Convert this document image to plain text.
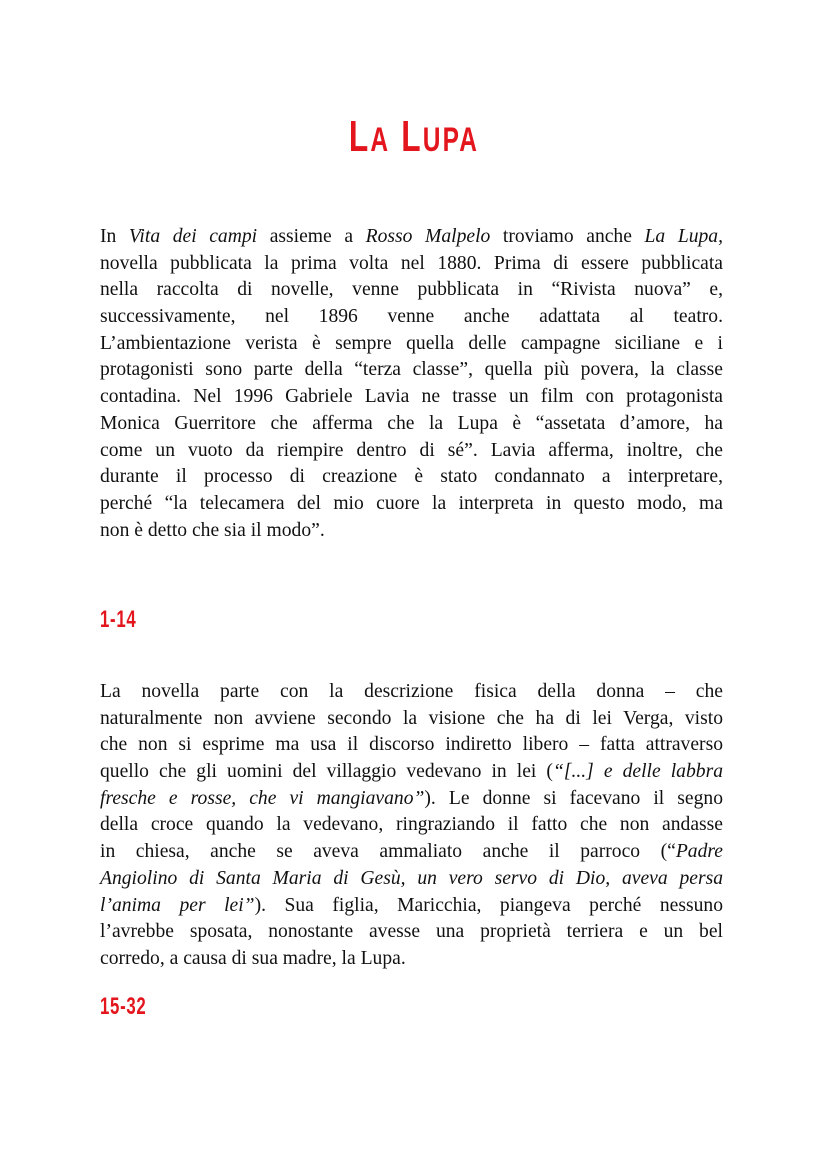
LA LUPA
In Vita dei campi assieme a Rosso Malpelo troviamo anche La Lupa,
novella pubblicata la prima volta nel 1880. Prima di essere pubblicata
nella raccolta di novelle, venne pubblicata in “Rivista nuova” e,
successivamente, nel 1896 venne anche adattata al teatro.
L’ambientazione verista è sempre quella delle campagne siciliane e i
protagonisti sono parte della “terza classe”, quella più povera, la classe
contadina. Nel 1996 Gabriele Lavia ne trasse un film con protagonista
Monica Guerritore che afferma che la Lupa è “assetata d’amore, ha
come un vuoto da riempire dentro di sé”. Lavia afferma, inoltre, che
durante il processo di creazione è stato condannato a interpretare,
perché “la telecamera del mio cuore la interpreta in questo modo, ma
non è detto che sia il modo”.
1-14
La novella parte con la descrizione fisica della donna – che
naturalmente non avviene secondo la visione che ha di lei Verga, visto
che non si esprime ma usa il discorso indiretto libero – fatta attraverso
quello che gli uomini del villaggio vedevano in lei (“[...] e delle labbra
fresche e rosse, che vi mangiavano”). Le donne si facevano il segno
della croce quando la vedevano, ringraziando il fatto che non andasse
in chiesa, anche se aveva ammaliato anche il parroco (“Padre
Angiolino di Santa Maria di Gesù, un vero servo di Dio, aveva persa
l’anima per lei”). Sua figlia, Maricchia, piangeva perché nessuno
l’avrebbe sposata, nonostante avesse una proprietà terriera e un bel
corredo, a causa di sua madre, la Lupa.
15-32
